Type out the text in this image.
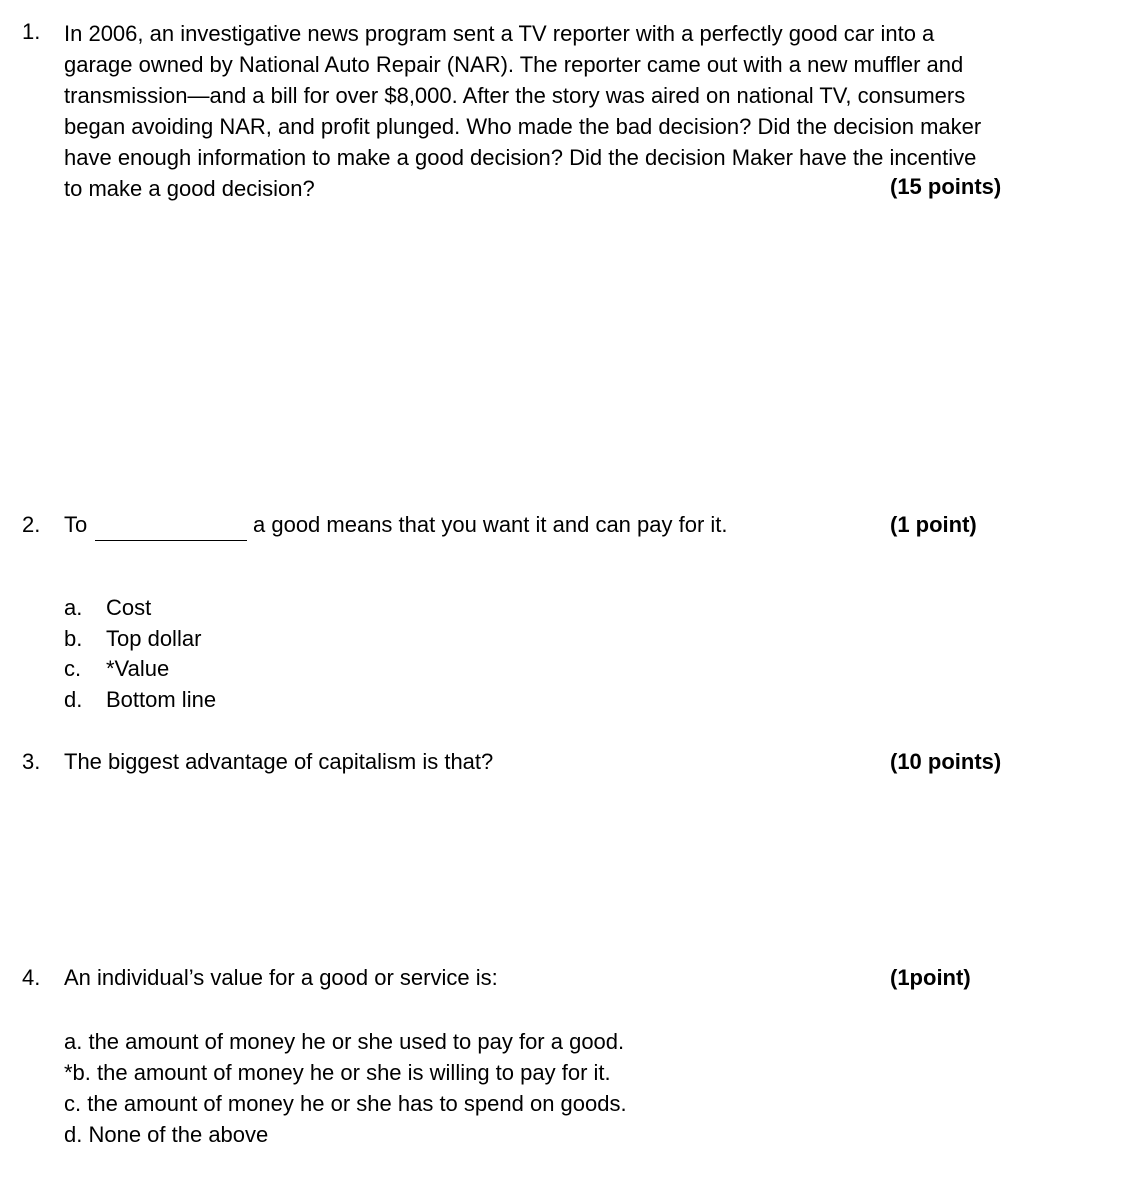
1. In 2006, an investigative news program sent a TV reporter with a perfectly good car into a
garage owned by National Auto Repair (NAR). The reporter came out with a new muffler and
transmission—and a bill for over $8,000. After the story was aired on national TV, consumers
began avoiding NAR, and profit plunged. Who made the bad decision? Did the decision maker
have enough information to make a good decision? Did the decision Maker have the incentive
to make a good decision?	(15 points)
2. To	a good means that you want it and can pay for it.	(1 point)
a. Cost
b. Top dollar
c. *Value
d. Bottom line
3. The biggest advantage of capitalism is that?	(10 points)
4. An individual’s value for a good or service is:	(1point)
a. the amount of money he or she used to pay for a good.
*b. the amount of money he or she is willing to pay for it.
c. the amount of money he or she has to spend on goods.
d. None of the above
